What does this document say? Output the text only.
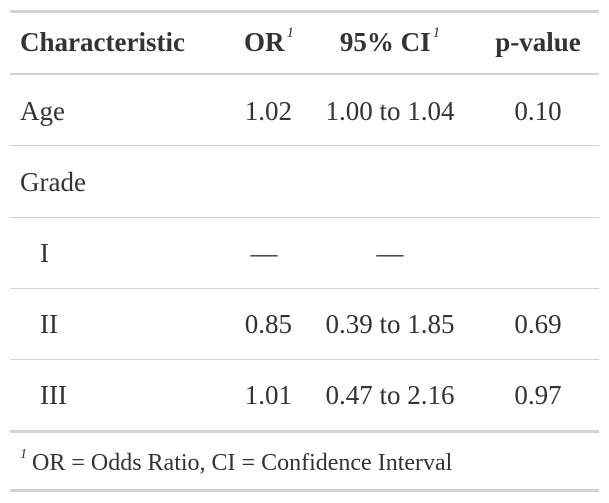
Characteristic	OR $^1$	95% CI $^1$	p-value
Age	1.02	1.00 to 1.04	0.10
Grade
I	—	—
II	0.85	0.39 to 1.85	0.69
III	1.01	0.47 to 2.16	0.97
$^1$ OR = Odds Ratio, CI = Confidence Interval
